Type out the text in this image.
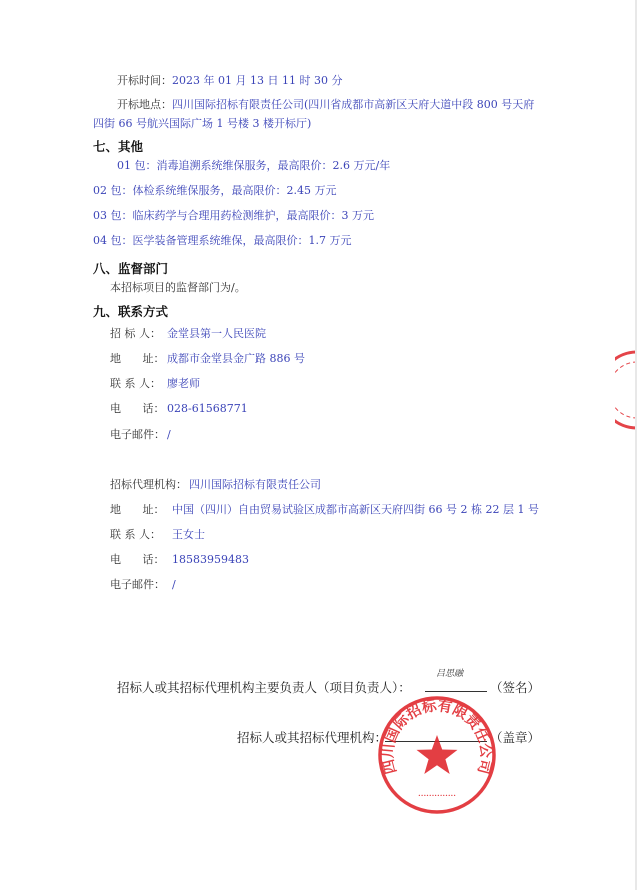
开标时间：2023 年 01 月 13 日 11 时 30 分
开标地点：四川国际招标有限责任公司(四川省成都市高新区天府大道中段 800 号天府
四街 66 号航兴国际广场 1 号楼 3 楼开标厅)
七、其他
01 包：消毒追溯系统维保服务，最高限价：2.6 万元/年
02 包：体检系统维保服务，最高限价：2.45 万元
03 包：临床药学与合理用药检测维护，最高限价：3 万元
04 包：医学装备管理系统维保，最高限价：1.7 万元
八、监督部门
本招标项目的监督部门为/。
九、联系方式
招 标 人： 金堂县第一人民医院
地 址： 成都市金堂县金广路 886 号
联 系 人： 廖老师
电 话： 028-61568771
电子邮件： /
招标代理机构： 四川国际招标有限责任公司
地 址： 中国（四川）自由贸易试验区成都市高新区天府四街 66 号 2 栋 22 层 1 号
联 系 人： 王女士
电 话： 18583959483
电子邮件： /
招标人或其招标代理机构主要负责人（项目负责人）：
吕思融
（签名）
招标人或其招标代理机构：	（盖章）
四川国际招标有限责任公司
••••••••••••••
